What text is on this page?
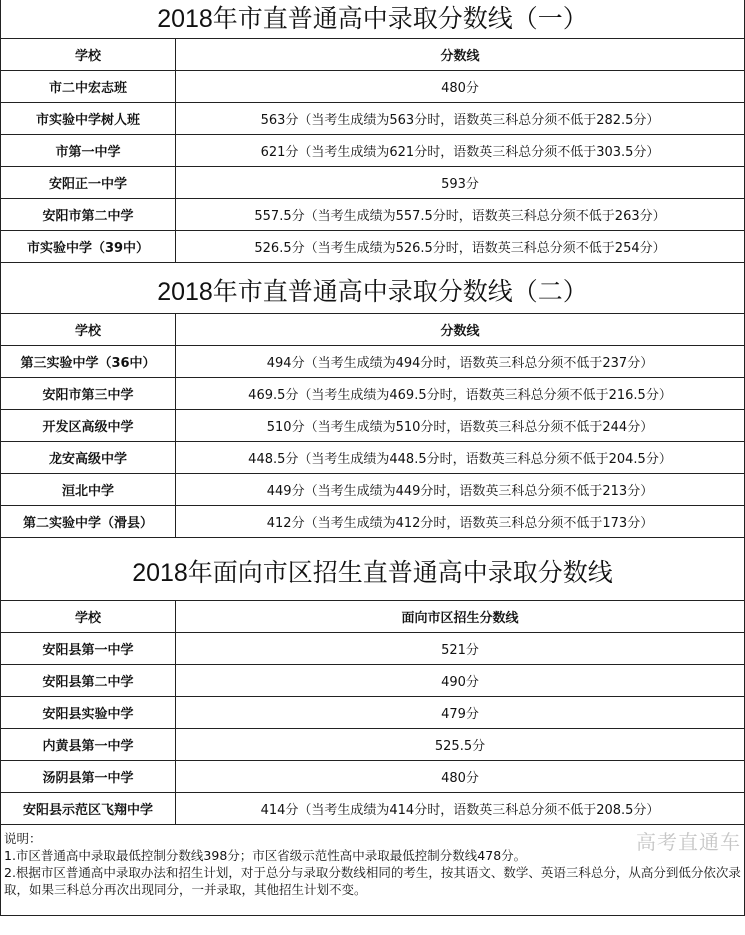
2018年市直普通高中录取分数线（一）
学校	分数线
市二中宏志班	480分
市实验中学树人班	563分（当考生成绩为563分时，语数英三科总分须不低于282.5分）
市第一中学	621分（当考生成绩为621分时，语数英三科总分须不低于303.5分）
安阳正一中学	593分
安阳市第二中学	557.5分（当考生成绩为557.5分时，语数英三科总分须不低于263分）
市实验中学（39中）	526.5分（当考生成绩为526.5分时，语数英三科总分须不低于254分）
2018年市直普通高中录取分数线（二）
学校	分数线
第三实验中学（36中）	494分（当考生成绩为494分时，语数英三科总分须不低于237分）
安阳市第三中学	469.5分（当考生成绩为469.5分时，语数英三科总分须不低于216.5分）
开发区高级中学	510分（当考生成绩为510分时，语数英三科总分须不低于244分）
龙安高级中学	448.5分（当考生成绩为448.5分时，语数英三科总分须不低于204.5分）
洹北中学	449分（当考生成绩为449分时，语数英三科总分须不低于213分）
第二实验中学（滑县）	412分（当考生成绩为412分时，语数英三科总分须不低于173分）
2018年面向市区招生直普通高中录取分数线
学校	面向市区招生分数线
安阳县第一中学	521分
安阳县第二中学	490分
安阳县实验中学	479分
内黄县第一中学	525.5分
汤阴县第一中学	480分
安阳县示范区飞翔中学	414分（当考生成绩为414分时，语数英三科总分须不低于208.5分）
高考直通车
说明：
1.市区普通高中录取最低控制分数线398分；市区省级示范性高中录取最低控制分数线478分。
2.根据市区普通高中录取办法和招生计划，对于总分与录取分数线相同的考生，按其语文、数学、英语三科总分，从高分到低分依次录取，如果三科总分再次出现同分，一并录取，其他招生计划不变。
